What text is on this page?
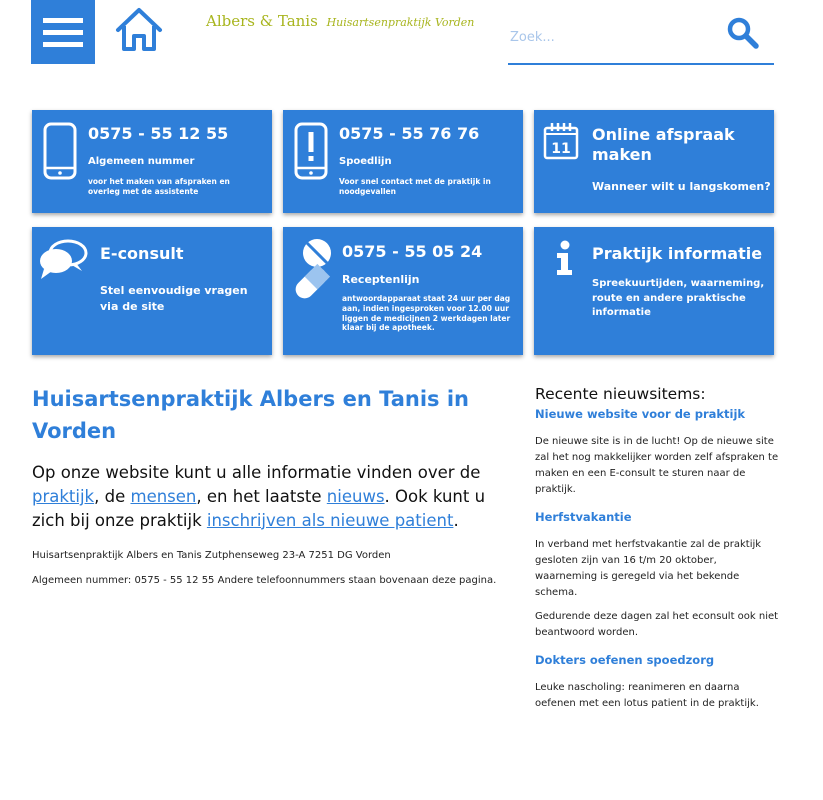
Albers & Tanis Huisartsenpraktijk Vorden
Zoek...
0575 - 55 12 55
Algemeen nummer
voor het maken van afspraken en overleg met de assistente
0575 - 55 76 76
Spoedlijn
Voor snel contact met de praktijk in noodgevallen
11
Online afspraak maken
Wanneer wilt u langskomen?
E-consult
Stel eenvoudige vragen via de site
0575 - 55 05 24
Receptenlijn
antwoordapparaat staat 24 uur per dag aan, indien ingesproken voor 12.00 uur liggen de medicijnen 2 werkdagen later klaar bij de apotheek.
Praktijk informatie
Spreekuurtijden, waarneming, route en andere praktische informatie
Huisartsenpraktijk Albers en Tanis in Vorden

Op onze website kunt u alle informatie vinden over de praktijk, de mensen, en het laatste nieuws. Ook kunt u zich bij onze praktijk inschrijven als nieuwe patient.

Huisartsenpraktijk Albers en Tanis Zutphenseweg 23-A 7251 DG Vorden

Algemeen nummer: 0575 - 55 12 55 Andere telefoonnummers staan bovenaan deze pagina.

Recente nieuwsitems:
Nieuwe website voor de praktijk

De nieuwe site is in de lucht! Op de nieuwe site zal het nog makkelijker worden zelf afspraken te maken en een E-consult te sturen naar de praktijk.

Herfstvakantie

In verband met herfstvakantie zal de praktijk gesloten zijn van 16 t/m 20 oktober, waarneming is geregeld via het bekende schema.

Gedurende deze dagen zal het econsult ook niet beantwoord worden.

Dokters oefenen spoedzorg

Leuke nascholing: reanimeren en daarna oefenen met een lotus patient in de praktijk.
